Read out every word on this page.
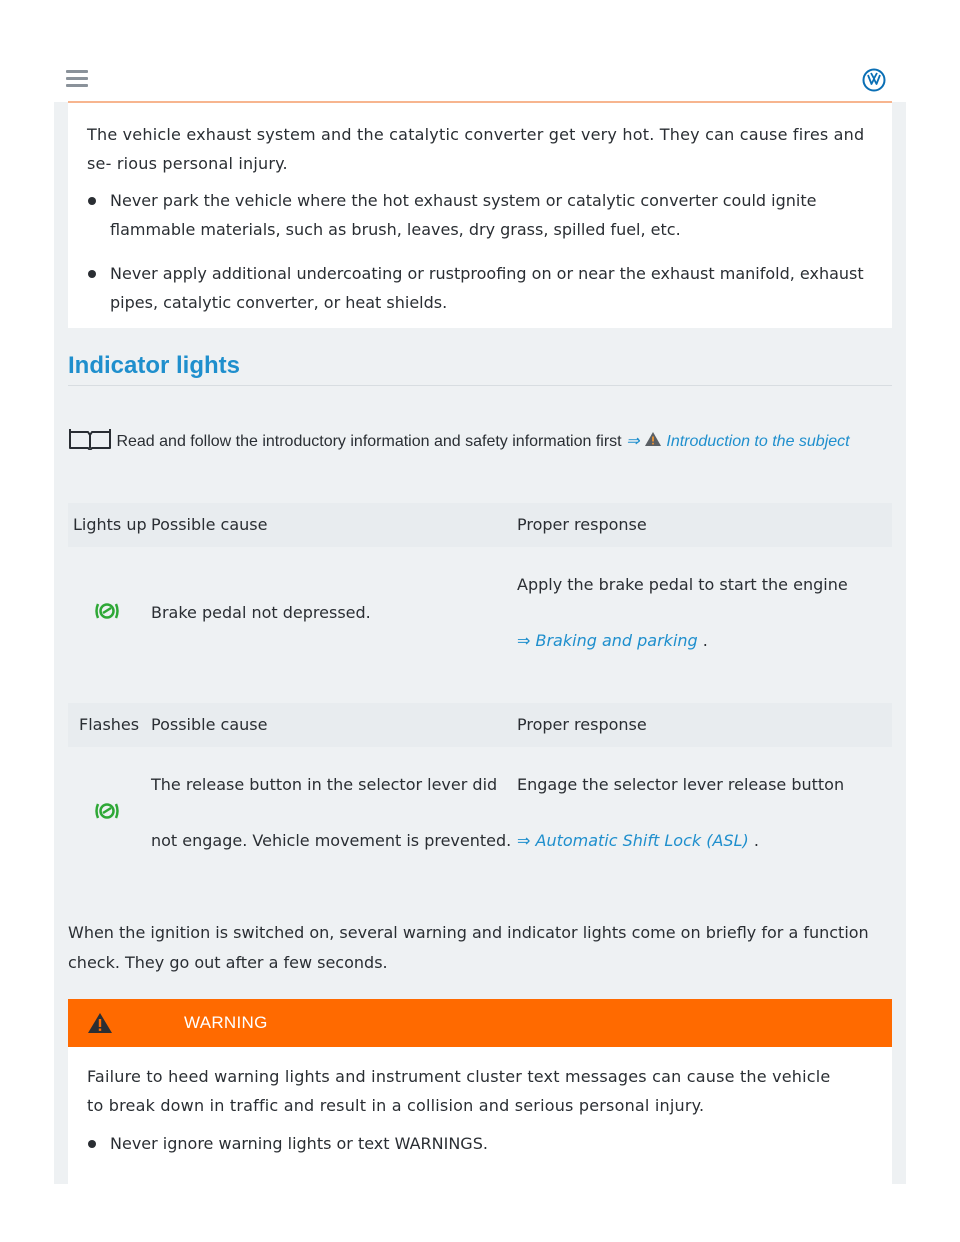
The vehicle exhaust system and the catalytic converter get very hot. They can cause fires and se- rious personal injury.
Never park the vehicle where the hot exhaust system or catalytic converter could ignite flammable materials, such as brush, leaves, dry grass, spilled fuel, etc.
Never apply additional undercoating or rustproofing on or near the exhaust manifold, exhaust pipes, catalytic converter, or heat shields.
Indicator lights
Read and follow the introductory information and safety information first ⇒ Introduction to the subject
Lights up Possible cause	Proper response
Brake pedal not depressed.
Apply the brake pedal to start the engine
⇒ Braking and parking .
Flashes Possible cause	Proper response
The release button in the selector lever did
not engage. Vehicle movement is prevented.
Engage the selector lever release button
⇒ Automatic Shift Lock (ASL) .
When the ignition is switched on, several warning and indicator lights come on briefly for a function check. They go out after a few seconds.
WARNING
Failure to heed warning lights and instrument cluster text messages can cause the vehicle to break down in traffic and result in a collision and serious personal injury.
Never ignore warning lights or text WARNINGS.
